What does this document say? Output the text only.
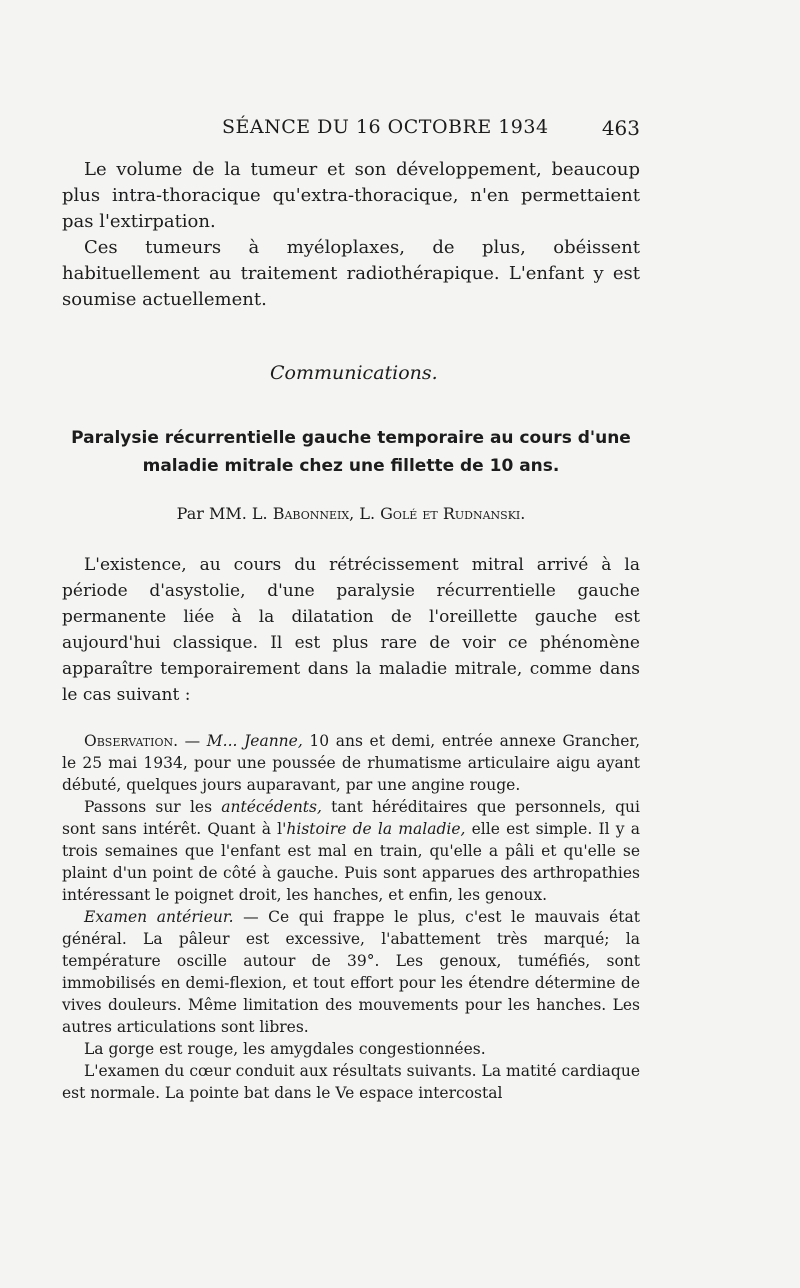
SÉANCE DU 16 OCTOBRE 1934	463

Le volume de la tumeur et son développement, beaucoup plus intra-thoracique qu'extra-thoracique, n'en permettaient pas l'extirpation.

Ces tumeurs à myéloplaxes, de plus, obéissent habituellement au traitement radiothérapique. L'enfant y est soumise actuellement.

Communications.
Paralysie récurrentielle gauche temporaire au cours d'une maladie mitrale chez une fillette de 10 ans.
Par MM. L. Babonneix, L. Golé et Rudnanski.

L'existence, au cours du rétrécissement mitral arrivé à la période d'asystolie, d'une paralysie récurrentielle gauche permanente liée à la dilatation de l'oreillette gauche est aujourd'hui classique. Il est plus rare de voir ce phénomène apparaître temporairement dans la maladie mitrale, comme dans le cas suivant :

Observation. — M... Jeanne, 10 ans et demi, entrée annexe Grancher, le 25 mai 1934, pour une poussée de rhumatisme articulaire aigu ayant débuté, quelques jours auparavant, par une angine rouge.

Passons sur les antécédents, tant héréditaires que personnels, qui sont sans intérêt. Quant à l'histoire de la maladie, elle est simple. Il y a trois semaines que l'enfant est mal en train, qu'elle a pâli et qu'elle se plaint d'un point de côté à gauche. Puis sont apparues des arthropathies intéressant le poignet droit, les hanches, et enfin, les genoux.

Examen antérieur. — Ce qui frappe le plus, c'est le mauvais état général. La pâleur est excessive, l'abattement très marqué; la température oscille autour de 39°. Les genoux, tuméfiés, sont immobilisés en demi-flexion, et tout effort pour les étendre détermine de vives douleurs. Même limitation des mouvements pour les hanches. Les autres articulations sont libres.

La gorge est rouge, les amygdales congestionnées.

L'examen du cœur conduit aux résultats suivants. La matité cardiaque est normale. La pointe bat dans le Ve espace intercostal
